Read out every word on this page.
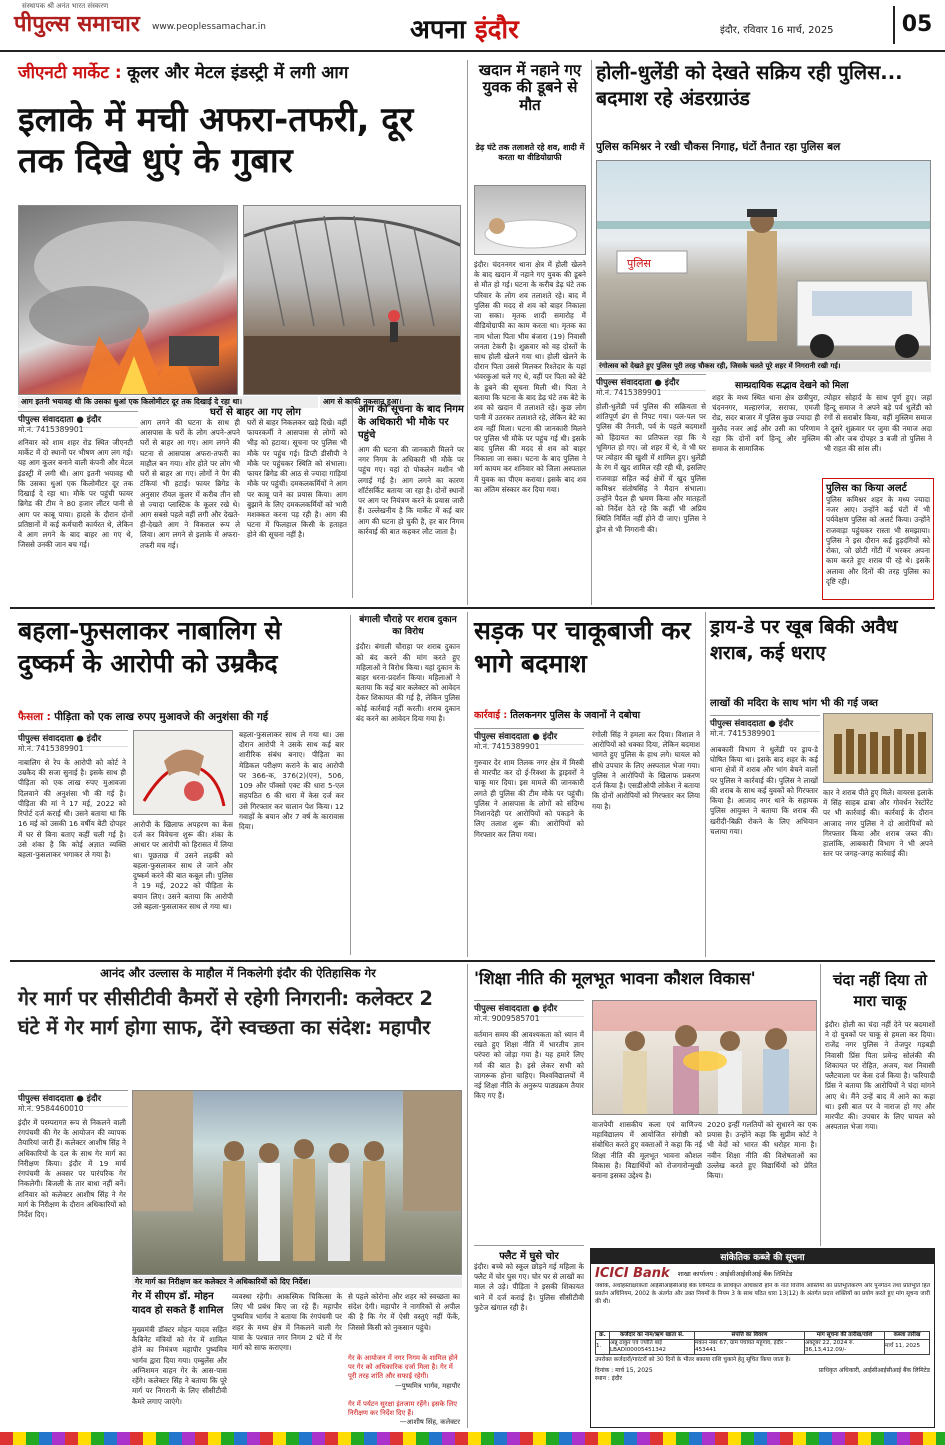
संस्थापक श्री अनंत भारत संस्करण
पीपुल्स समाचार www.peoplessamachar.in	अपना इंदौर	इंदौर, रविवार 16 मार्च, 2025	05
जीएनटी मार्केट : कूलर और मेटल इंडस्ट्री में लगी आग
इलाके में मची अफरा-तफरी, दूर तक दिखे धुएं के गुबार
आग इतनी भयावह थी कि उसका धुआं एक किलोमीटर दूर तक दिखाई दे रहा था।	आग से काफी नुकसान हुआ।
पीपुल्स संवाददाता ● इंदौर
मो.नं. 7415389901
घरों से बाहर आ गए लोग
शनिवार को शाम शहर रोड स्थित जीएनटी मार्केट में दो स्थानों पर भीषण आग लग गई। यह आग कूलर बनाने वाली कंपनी और मेटल इंडस्ट्री में लगी थी। आग इतनी भयावह थी कि उसका धुआं एक किलोमीटर दूर तक दिखाई दे रहा था। मौके पर पहुंची फायर ब्रिगेड की टीम ने 80 हजार लीटर पानी से आग पर काबू पाया। हादसे के दौरान दोनों प्रतिष्ठानों में कई कर्मचारी कार्यरत थे, लेकिन वे आग लगने के बाद बाहर आ गए थे, जिससे उनकी जान बच गई।
आग लगने की घटना के साथ ही आसपास के घरों के लोग अपने-अपने घरों से बाहर आ गए। आग लगने की घटना से आसपास अफरा-तफरी का माहौल बन गया। शोर होते पर लोग भी घरों से बाहर आ गए। लोगों ने पैग की टंकियां भी हटाईं। फायर ब्रिगेड के अनुसार रॉयल कूलर में करीब तीन सौ से ज्यादा प्लास्टिक के कूलर रखे थे। आग सबसे पहले वहीं लगी और देखते-ही-देखते आग ने विकराल रूप ले लिया। आग लगने से इलाके में अफरा-तफरी मच गई।
घरों से बाहर निकलकर खड़े दिखे। वहीं फायरकर्मी ने आसपास से लोगों को भीड़ को हटाया। सूचना पर पुलिस भी मौके पर पहुंच गई। डिप्टी डीसीपी ने मौके पर पहुंचकर स्थिति को संभाला। फायर ब्रिगेड की आठ से ज्यादा गाड़ियां मौके पर पहुंचीं। दमकलकर्मियों ने आग पर काबू पाने का प्रयास किया। आग बुझाने के लिए दमकलकर्मियों को भारी मशक्कत करना पड़ रही है। आग की घटना में फिलहाल किसी के हताहत होने की सूचना नहीं है।
आग की सूचना के बाद निगम के अधिकारी भी मौके पर पहुंचे
आग की घटना की जानकारी मिलने पर नगर निगम के अधिकारी भी मौके पर पहुंच गए। यहां दो पोकलेन मशीन भी लगाई गई है। आग लगने का कारण शॉर्टसर्किट बताया जा रहा है। दोनों स्थानों पर आग पर नियंत्रण करने के प्रयास जारी हैं। उल्लेखनीय है कि मार्केट में कई बार आग की घटना हो चुकी है, हर बार निगम कार्रवाई की बात कहकर लौट जाता है।
खदान में नहाने गए युवक की डूबने से मौत
डेढ़ घंटे तक तलाशते रहे शव, शादी में करता था वीडियोग्राफी
इंदौर। चंदननगर थाना क्षेत्र में होली खेलने के बाद खदान में नहाने गए युवक की डूबने से मौत हो गई। घटना के करीब डेढ़ घंटे तक परिवार के लोग शव तलाशते रहे। बाद में पुलिस की मदद से शव को बाहर निकाला जा सका। मृतक शादी समारोह में वीडियोग्राफी का काम करता था। मृतक का नाम भोला पिता भीम बंजारा (19) निवासी जनता टेकरी है। शुक्रवार को वह दोस्तों के साथ होली खेलने गया था। होली खेलने के दौरान पिता उससे मिलकर रिश्तेदार के यहां भंवरकुआं चले गए थे, वहीं पर पिता को बेटे के डूबने की सूचना मिली थी। पिता ने बताया कि घटना के बाद डेढ़ घंटे तक बेटे के शव को खदान में तलाशते रहे। कुछ लोग पानी में उतरकर तलाशते रहे, लेकिन बेटे का शव नहीं मिला। घटना की जानकारी मिलने पर पुलिस भी मौके पर पहुंच गई थी। इसके बाद पुलिस की मदद से शव को बाहर निकाला जा सका। घटना के बाद पुलिस ने मर्ग कायम कर शनिवार को जिला अस्पताल में युवक का पीएम कराया। इसके बाद शव का अंतिम संस्कार कर दिया गया।
होली-धुलेंडी को देखते सक्रिय रही पुलिस... बदमाश रहे अंडरग्राउंड
पुलिस कमिश्नर ने रखी चौकस निगाह, घंटों तैनात रहा पुलिस बल
पुलिस
रंगोत्सव को देखते हुए पुलिस पूरी तरह चौकस रही, जिसके चलते पूरे शहर में निगरानी रखी गई।
पीपुल्स संवाददाता ● इंदौर
मो.नं. 7415389901
साम्प्रदायिक सद्भाव देखने को मिला
होली-धुलेंडी पर्व पुलिस की सक्रियता से शांतिपूर्ण ढंग से निपट गया। पल-पल पर पुलिस की तैनाती, पर्व के पहले बदमाशों को हिदायत का प्रतिफल रहा कि ये भूमिगत हो गए। जो शहर में थे, वे भी घर पर त्योहार की खुशी में शामिल हुए। धुलेंडी के रंग में खुद शामिल रही रही थी, इसलिए राजवाड़ा सहित कई क्षेत्रों में खुद पुलिस कमिश्नर संतोषसिंह ने मैदान संभाला। उन्होंने पैदल ही भ्रमण किया और मातहतों को निर्देश देते रहे कि कहीं भी अप्रिय स्थिति निर्मित नहीं होने दी जाए। पुलिस ने ड्रोन से भी निगरानी की।
शहर के मध्य स्थित थाना क्षेत्र छत्रीपुरा, चंदननगर, मल्हारगंज, सराफा, एमजी रोड, सदर बाजार में पुलिस कुछ ज्यादा ही मुस्तैद नजर आई और उसी का परिणाम रहा कि दोनों वर्ग हिन्दू और मुस्लिम समाज के सामाजिक
त्योहार सोहार्द के साथ पूर्ण हुए। जहां हिन्दू समाज ने अपने बड़े पर्व धुलेंडी को रंगों से सराबोर किया, वहीं मुस्लिम समाज ने दूसरे शुक्रवार पर जुमा की नमाज अदा की और जब दोपहर 3 बजी तो पुलिस ने भी राहत की सांस ली।
पुलिस का किया अलर्ट
पुलिस कमिश्नर शहर के मध्य ज्यादा नजर आए। उन्होंने कई घंटों में भी पर्यवेक्षण पुलिस को अलर्ट किया। उन्होंने राजवाड़ा पहुंचकर रास्ता भी समझाया। पुलिस ने इस दौरान कई हुड़दंगियों को रोका, जो छोटी गोंटी में भरकर अपना काम करते हुए शराब पी रहे थे। इसके अलावा और दिनों की तरह पुलिस का दृष्टि रही।
बहला-फुसलाकर नाबालिग से दुष्कर्म के आरोपी को उम्रकैद
फैसला : पीड़िता को एक लाख रुपए मुआवजे की अनुशंसा की गई
पीपुल्स संवाददाता ● इंदौर
मो.नं. 7415389901
नाबालिग से रेप के आरोपी को कोर्ट ने उम्रकैद की सजा सुनाई है। इसके साथ ही पीड़िता को एक लाख रुपए मुआवजा दिलवाने की अनुशंसा भी की गई है। पीड़िता की मां ने 17 मई, 2022 को रिपोर्ट दर्ज कराई थी। उसने बताया था कि 16 मई को उसकी 16 वर्षीय बेटी दोपहर में घर से बिना बताए कहीं चली गई है। उसे शंका है कि कोई अज्ञात व्यक्ति बहला-फुसलाकर भगाकर ले गया है।
आरोपी के खिलाफ अपहरण का केस दर्ज कर विवेचना शुरू की। शंका के आधार पर आरोपी को हिरासत में लिया था। पूछताछ में उसने लड़की को बहला-फुसलाकर साथ ले जाने और दुष्कर्म करने की बात कबूल ली। पुलिस ने 19 मई, 2022 को पीड़िता के बयान लिए। उसने बताया कि आरोपी उसे बहला-फुसलाकर साथ ले गया था।
बहला-फुसलाकर साथ ले गया था। उस दौरान आरोपी ने उसके साथ कई बार शारीरिक संबंध बनाए। पीड़िता का मेडिकल परीक्षण कराने के बाद आरोपी पर 366-क, 376(2)(एन), 506, 109 और पॉक्सो एक्ट की धारा 5-एल सहपठित 6 की धारा में केस दर्ज कर उसे गिरफ्तार कर चालान पेश किया। 12 गवाहों के बयान और 7 वर्ष के कारावास दिया।
बंगाली चौराहे पर शराब दुकान का विरोध
इंदौर। बंगाली चौराहा पर शराब दुकान को बंद करने की मांग करते हुए महिलाओं ने विरोध किया। यहां दुकान के बाहर धरना-प्रदर्शन किया। महिलाओं ने बताया कि कई बार कलेक्टर को आवेदन देकर शिकायत की गई है, लेकिन पुलिस कोई कार्रवाई नहीं करती। शराब दुकान बंद करने का आवेदन दिया गया है।
सड़क पर चाकूबाजी कर भागे बदमाश
कार्रवाई : तिलकनगर पुलिस के जवानों ने दबोचा
पीपुल्स संवाददाता ● इंदौर
मो.नं. 7415389901
गुरुवार देर शाम तिलक नगर क्षेत्र में मिस्त्री से मारपीट कर दो ई-रिक्शा के ड्राइवरों ने चाकू मार दिया। इस मामले की जानकारी लगते ही पुलिस की टीम मौके पर पहुंची। पुलिस ने आसपास के लोगों को संदिग्ध निशानदेही पर आरोपियों को पकड़ने के लिए तलाश शुरू की। आरोपियों को गिरफ्तार कर लिया गया।
रंगोली सिंह ने हमला कर दिया। विशाल ने आरोपियों को धक्का दिया, लेकिन बदमाश भागते हुए पुलिस के हाथ लगे। घायल को सीधे उपचार के लिए अस्पताल भेजा गया। पुलिस ने आरोपियों के खिलाफ प्रकरण दर्ज किया है। एसडीओपी लोकेश ने बताया कि दोनों आरोपियों को गिरफ्तार कर लिया गया है।
ड्राय-डे पर खूब बिकी अवैध शराब, कई धराए
लाखों की मदिरा के साथ भांग भी की गई जब्त
पीपुल्स संवाददाता ● इंदौर
मो.नं. 7415389901
आबकारी विभाग ने धुलेंडी पर ड्राय-डे घोषित किया था। इसके बाद शहर के कई थाना क्षेत्रों में शराब और भांग बेचने वालों पर पुलिस ने कार्रवाई की। पुलिस ने लाखों की शराब के साथ कई युवकों को गिरफ्तार किया है। आजाद नगर थाने के सहायक पुलिस आयुक्त ने बताया कि शराब की खरीदी-बिक्री रोकने के लिए अभियान चलाया गया।
कार ने शराब पीते हुए मिले। वायरस इलाके में सिंह साहब ढाबा और गोवर्धन रेस्टोरेंट पर भी कार्रवाई की। कार्रवाई के दौरान आजाद नगर पुलिस ने दो आरोपियों को गिरफ्तार किया और शराब जब्त की। हालांकि, आबकारी विभाग ने भी अपने स्तर पर जगह-जगह कार्रवाई की।
आनंद और उल्लास के माहौल में निकलेगी इंदौर की ऐतिहासिक गेर
गेर मार्ग पर सीसीटीवी कैमरों से रहेगी निगरानी: कलेक्टर 2 घंटे में गेर मार्ग होगा साफ, देंगे स्वच्छता का संदेश: महापौर
पीपुल्स संवाददाता ● इंदौर
मो.नं. 9584460010
इंदौर में परम्परागत रूप से निकलने वाली रंगपंचमी की गेर के आयोजन की व्यापक तैयारियां जारी हैं। कलेक्टर आशीष सिंह ने अधिकारियों के दल के साथ गेर मार्ग का निरीक्षण किया। इंदौर में 19 मार्च रंगपंचमी के अवसर पर पारंपरिक गेर निकलेगी। बिजली के तार बाधा नहीं बनें। शनिवार को कलेक्टर आशीष सिंह ने गेर मार्ग के निरीक्षण के दौरान अधिकारियों को निर्देश दिए।
गेर मार्ग का निरीक्षण कर कलेक्टर ने अधिकारियों को दिए निर्देश।
गेर में सीएम डॉ. मोहन यादव हो सकते हैं शामिल
मुख्यमंत्री डॉक्टर मोहन यादव सहित कैबिनेट मंत्रियों को गेर में शामिल होने का निमंत्रण महापौर पुष्यमित्र भार्गव द्वारा दिया गया। एम्बुलेंस और अग्निशमन वाहन गेर के आस-पास रहेंगे। कलेक्टर सिंह ने बताया कि पूरे मार्ग पर निगरानी के लिए सीसीटीवी कैमरे लगाए जाएंगे।
व्यवस्था रहेगी। आकस्मिक चिकित्सा के लिए भी प्रबंध किए जा रहे हैं। महापौर पुष्यमित्र भार्गव ने बताया कि रंगपंचमी पर शहर के मध्य क्षेत्र में निकलने वाली गेर यात्रा के पश्चात नगर निगम 2 घंटे में गेर मार्ग को साफ कराएगा।
से पहले कोरोना और शहर को स्वच्छता का संदेश देगी। महापौर ने नागरिकों से अपील की है कि गेर में ऐसी वस्तुएं नहीं फेंकें, जिससे किसी को नुकसान पहुंचे।
गेर के आयोजन में नगर निगम के शामिल होने पर गेर को अधिकारिक दर्जा मिला है। गेर में पूरी तरह शांति और सफाई रहेगी।
—पुष्यमित्र भार्गव, महापौर
गेर में पर्यटन सुरक्षा इंतजाम रहेंगे। इसके लिए निरीक्षण कर निर्देश दिए हैं।
—आशीष सिंह, कलेक्टर
'शिक्षा नीति की मूलभूत भावना कौशल विकास'
पीपुल्स संवाददाता ● इंदौर
मो.नं. 9009585701
वर्तमान समय की आवश्यकता को ध्यान में रखते हुए शिक्षा नीति में भारतीय ज्ञान परंपरा को जोड़ा गया है। यह हमारे लिए गर्व की बात है। इसे लेकर सभी को जागरूक होना चाहिए। विश्वविद्यालयों में नई शिक्षा नीति के अनुरूप पाठ्यक्रम तैयार किए गए हैं।
वाजपेयी शासकीय कला एवं वाणिज्य महाविद्यालय में आयोजित संगोष्ठी को संबोधित करते हुए वक्ताओं ने कहा कि नई शिक्षा नीति की मूलभूत भावना कौशल विकास है। विद्यार्थियों को रोजगारोन्मुखी बनाना इसका उद्देश्य है।
2020 इन्हीं गलतियों को सुधारने का एक प्रयास है। उन्होंने कहा कि सुप्रीम कोर्ट ने भी वेदों को भारत की धरोहर माना है। नवीन शिक्षा नीति की विशेषताओं का उल्लेख करते हुए विद्यार्थियों को प्रेरित किया।
फ्लैट में घुसे चोर
इंदौर। बच्चे को स्कूल छोड़ने गई महिला के फ्लैट में चोर घुस गए। चोर घर से लाखों का माल ले उड़े। पीड़िता ने इसकी शिकायत थाने में दर्ज कराई है। पुलिस सीसीटीवी फुटेज खंगाल रही है।
चंदा नहीं दिया तो मारा चाकू
इंदौर। होली का चंदा नहीं देने पर बदमाशों ने दो युवकों पर चाकू से हमला कर दिया। राजेंद्र नगर पुलिस ने तेजपुर गड़बड़ी निवासी प्रिंस पिता प्रमेन्द्र सोलंकी की शिकायत पर रोहित, अजय, यश निवासी फ्लैटवाला पर केस दर्ज किया है। फरियादी प्रिंस ने बताया कि आरोपियों ने चंदा मांगने आए थे। मैंने उन्हें बाद में आने का कहा था। इसी बात पर वे नाराज हो गए और मारपीट की। उपचार के लिए घायल को अस्पताल भेजा गया।
सांकेतिक कब्जे की सूचना
ICICI Bank शाखा कार्यालय : आईसीआईसीआई बैंक लिमिटेड
जबकि, अधोहस्ताक्षरकर्ता आईसीआईसीआई बैंक लिमिटेड के प्राधिकृत अधिकारी होने के नाते वित्तीय आस्तियों का प्रतिभूतिकरण और पुनर्गठन तथा प्रतिभूति हित प्रवर्तन अधिनियम, 2002 के अंतर्गत और उक्त नियमों के नियम 3 के साथ पठित धारा 13(12) के अंतर्गत प्रदत्त शक्तियों का प्रयोग करते हुए मांग सूचना जारी की थी।
क्र.	कर्जदार का नाम/ऋण खाता सं.	संपत्ति का विवरण	मांग सूचना की तारीख/राशि	कब्जा तारीख
1.	अन्नू ठाकुर एवं ज्योति बाई LBADI00005451342	मकान नंबर 67, ग्राम पंचायत महूगांव, इंदौर - 453441	अक्टूबर 22, 2024 रु. 36,13,412.09/-	मार्च 11, 2025
उपरोक्त कर्जदारों/गारंटरों को 30 दिनों के भीतर बकाया राशि चुकाने हेतु सूचित किया जाता है।
दिनांक : मार्च 15, 2025
स्थान : इंदौर
प्राधिकृत अधिकारी, आईसीआईसीआई बैंक लिमिटेड
